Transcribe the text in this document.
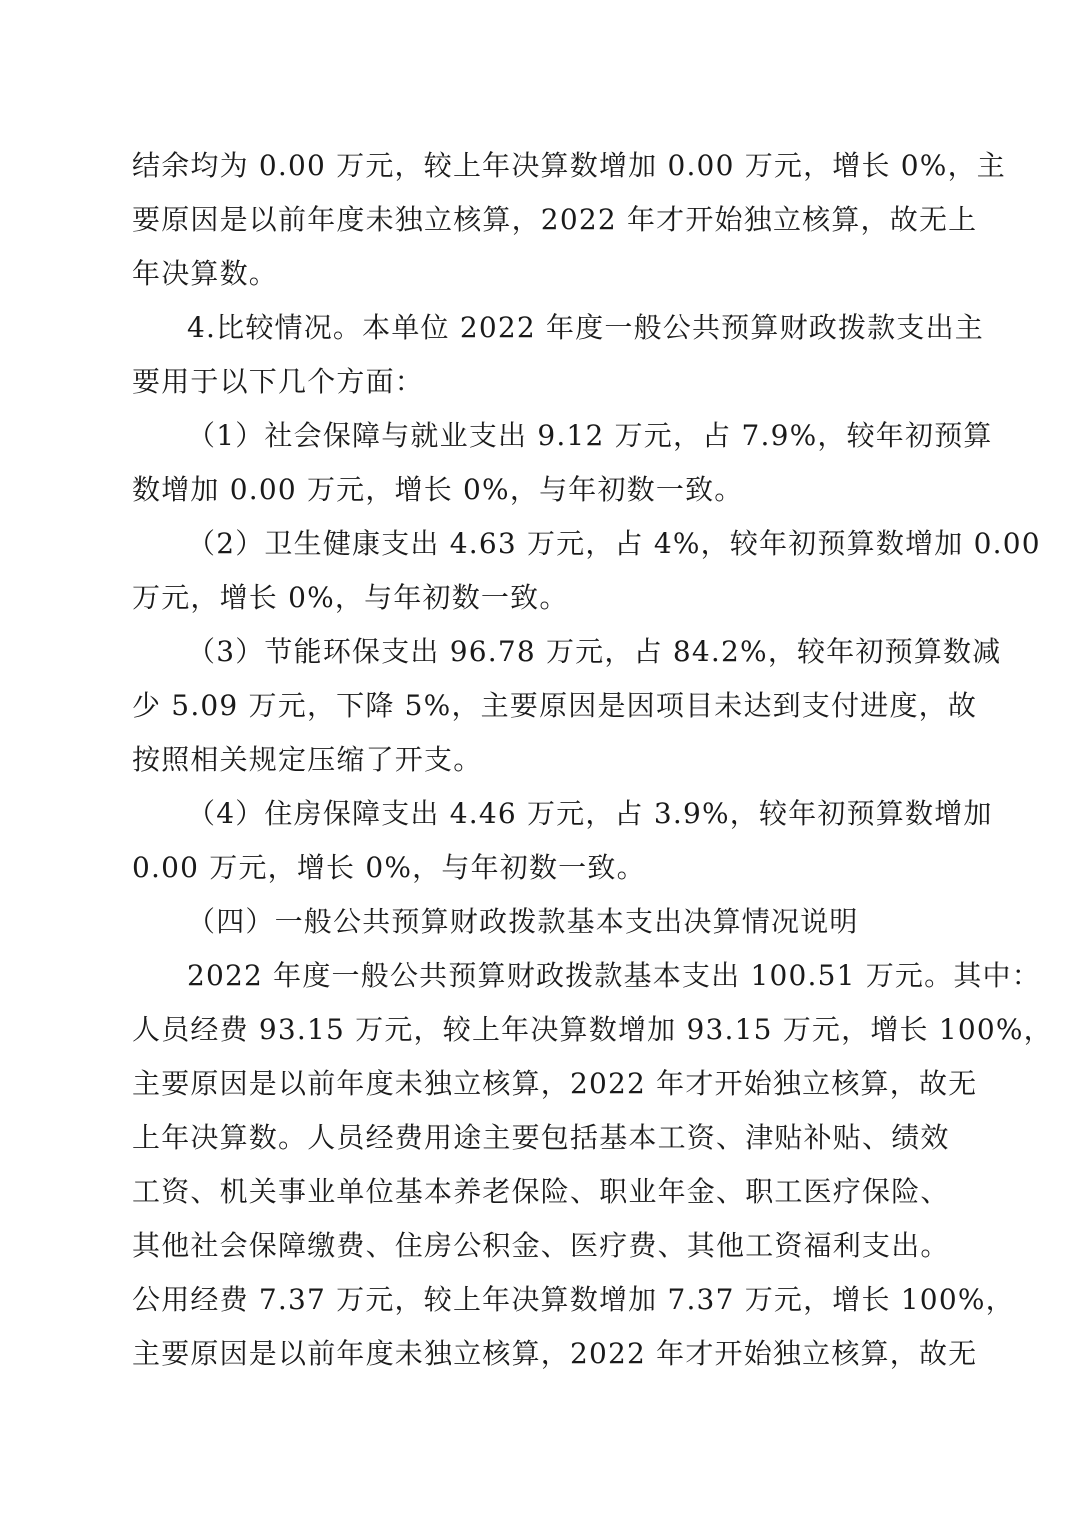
结余均为 0.00 万元，较上年决算数增加 0.00 万元，增长 0%，主
要原因是以前年度未独立核算，2022 年才开始独立核算，故无上
年决算数。
4.比较情况。本单位 2022 年度一般公共预算财政拨款支出主
要用于以下几个方面：
（1）社会保障与就业支出 9.12 万元，占 7.9%，较年初预算
数增加 0.00 万元，增长 0%，与年初数一致。
（2）卫生健康支出 4.63 万元，占 4%，较年初预算数增加 0.00
万元，增长 0%，与年初数一致。
（3）节能环保支出 96.78 万元，占 84.2%，较年初预算数减
少 5.09 万元，下降 5%，主要原因是因项目未达到支付进度，故
按照相关规定压缩了开支。
（4）住房保障支出 4.46 万元，占 3.9%，较年初预算数增加
0.00 万元，增长 0%，与年初数一致。
（四）一般公共预算财政拨款基本支出决算情况说明
2022 年度一般公共预算财政拨款基本支出 100.51 万元。其中：
人员经费 93.15 万元，较上年决算数增加 93.15 万元，增长 100%，
主要原因是以前年度未独立核算，2022 年才开始独立核算，故无
上年决算数。人员经费用途主要包括基本工资、津贴补贴、绩效
工资、机关事业单位基本养老保险、职业年金、职工医疗保险、
其他社会保障缴费、住房公积金、医疗费、其他工资福利支出。
公用经费 7.37 万元，较上年决算数增加 7.37 万元，增长 100%，
主要原因是以前年度未独立核算，2022 年才开始独立核算，故无
